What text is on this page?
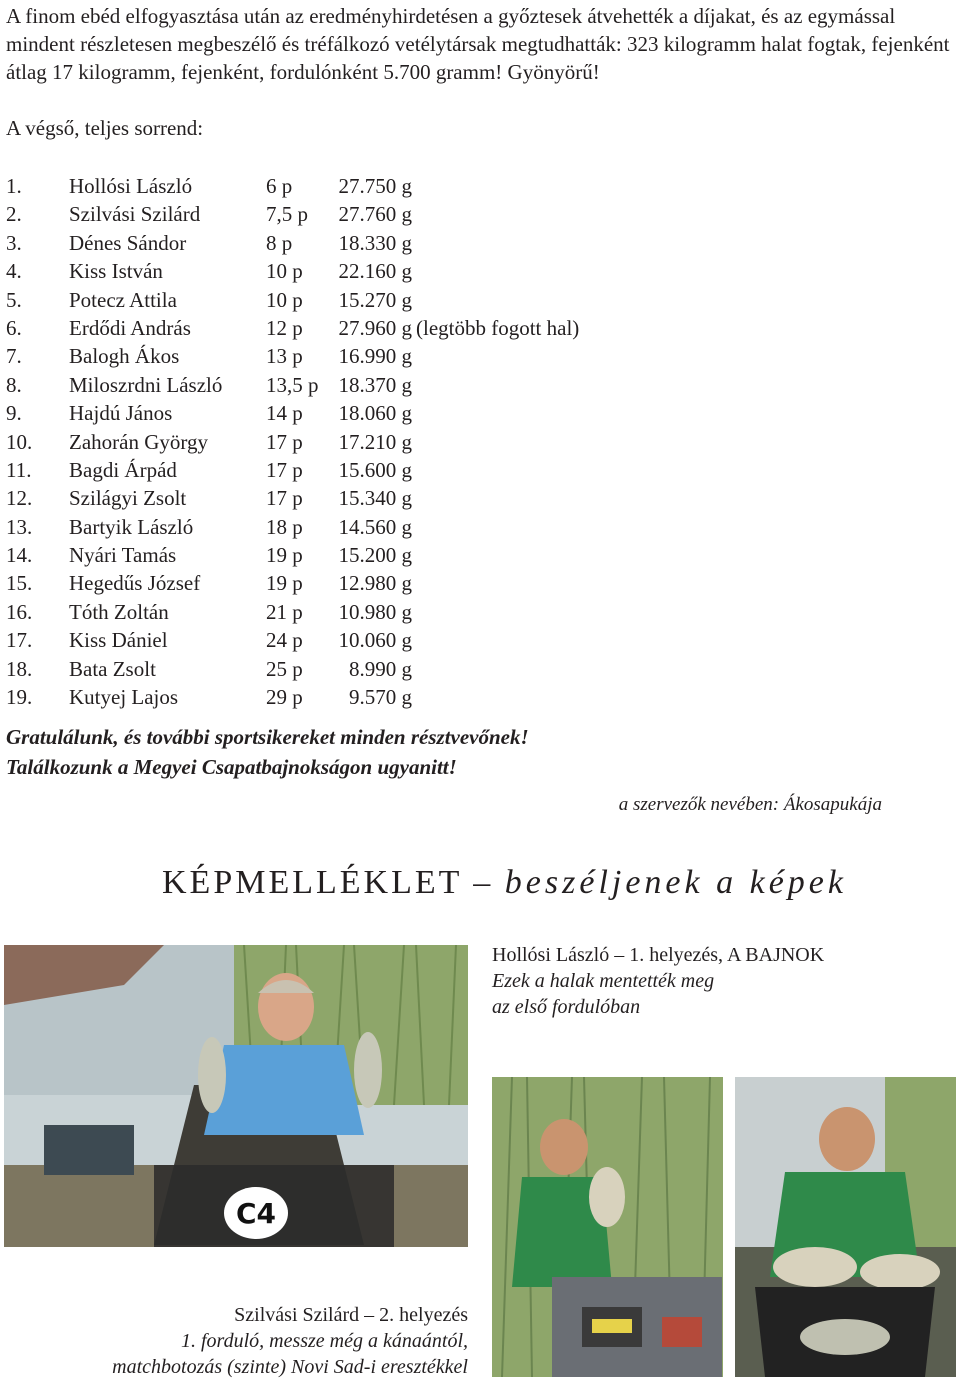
A finom ebéd elfogyasztása után az eredményhirdetésen a győztesek átvehették a díjakat, és az egymással mindent részletesen megbeszélő és tréfálkozó vetélytársak megtudhatták: 323 kilogramm halat fogtak, fejenként átlag 17 kilogramm, fejenként, fordulónként 5.700 gramm! Gyönyörű!

A végső, teljes sorrend:
1. Hollósi László	6 p	27.750 g
2. Szilvási Szilárd	7,5 p	27.760 g
3. Dénes Sándor	8 p	18.330 g
4. Kiss István	10 p	22.160 g
5. Potecz Attila	10 p	15.270 g
6. Erdődi András	12 p	27.960 g (legtöbb fogott hal)
7. Balogh Ákos	13 p	16.990 g
8. Miloszrdni László 13,5 p 18.370 g
9. Hajdú János	14 p	18.060 g
10. Zahorán György	17 p	17.210 g
11. Bagdi Árpád	17 p	15.600 g
12. Szilágyi Zsolt	17 p	15.340 g
13. Bartyik László	18 p	14.560 g
14. Nyári Tamás	19 p	15.200 g
15. Hegedűs József	19 p	12.980 g
16. Tóth Zoltán	21 p	10.980 g
17. Kiss Dániel	24 p	10.060 g
18. Bata Zsolt	25 p	8.990 g
19. Kutyej Lajos	29 p	9.570 g
Gratulálunk, és további sportsikereket minden résztvevőnek!
Találkozunk a Megyei Csapatbajnokságon ugyanitt!
a szervezők nevében: Ákosapukája
KÉPMELLÉKLET – beszéljenek a képek
C4
Hollósi László – 1. helyezés, A BAJNOK
Ezek a halak mentették meg
az első fordulóban
Szilvási Szilárd – 2. helyezés
1. forduló, messze még a kánaántól,
matchbotozás (szinte) Novi Sad-i eresztékkel
